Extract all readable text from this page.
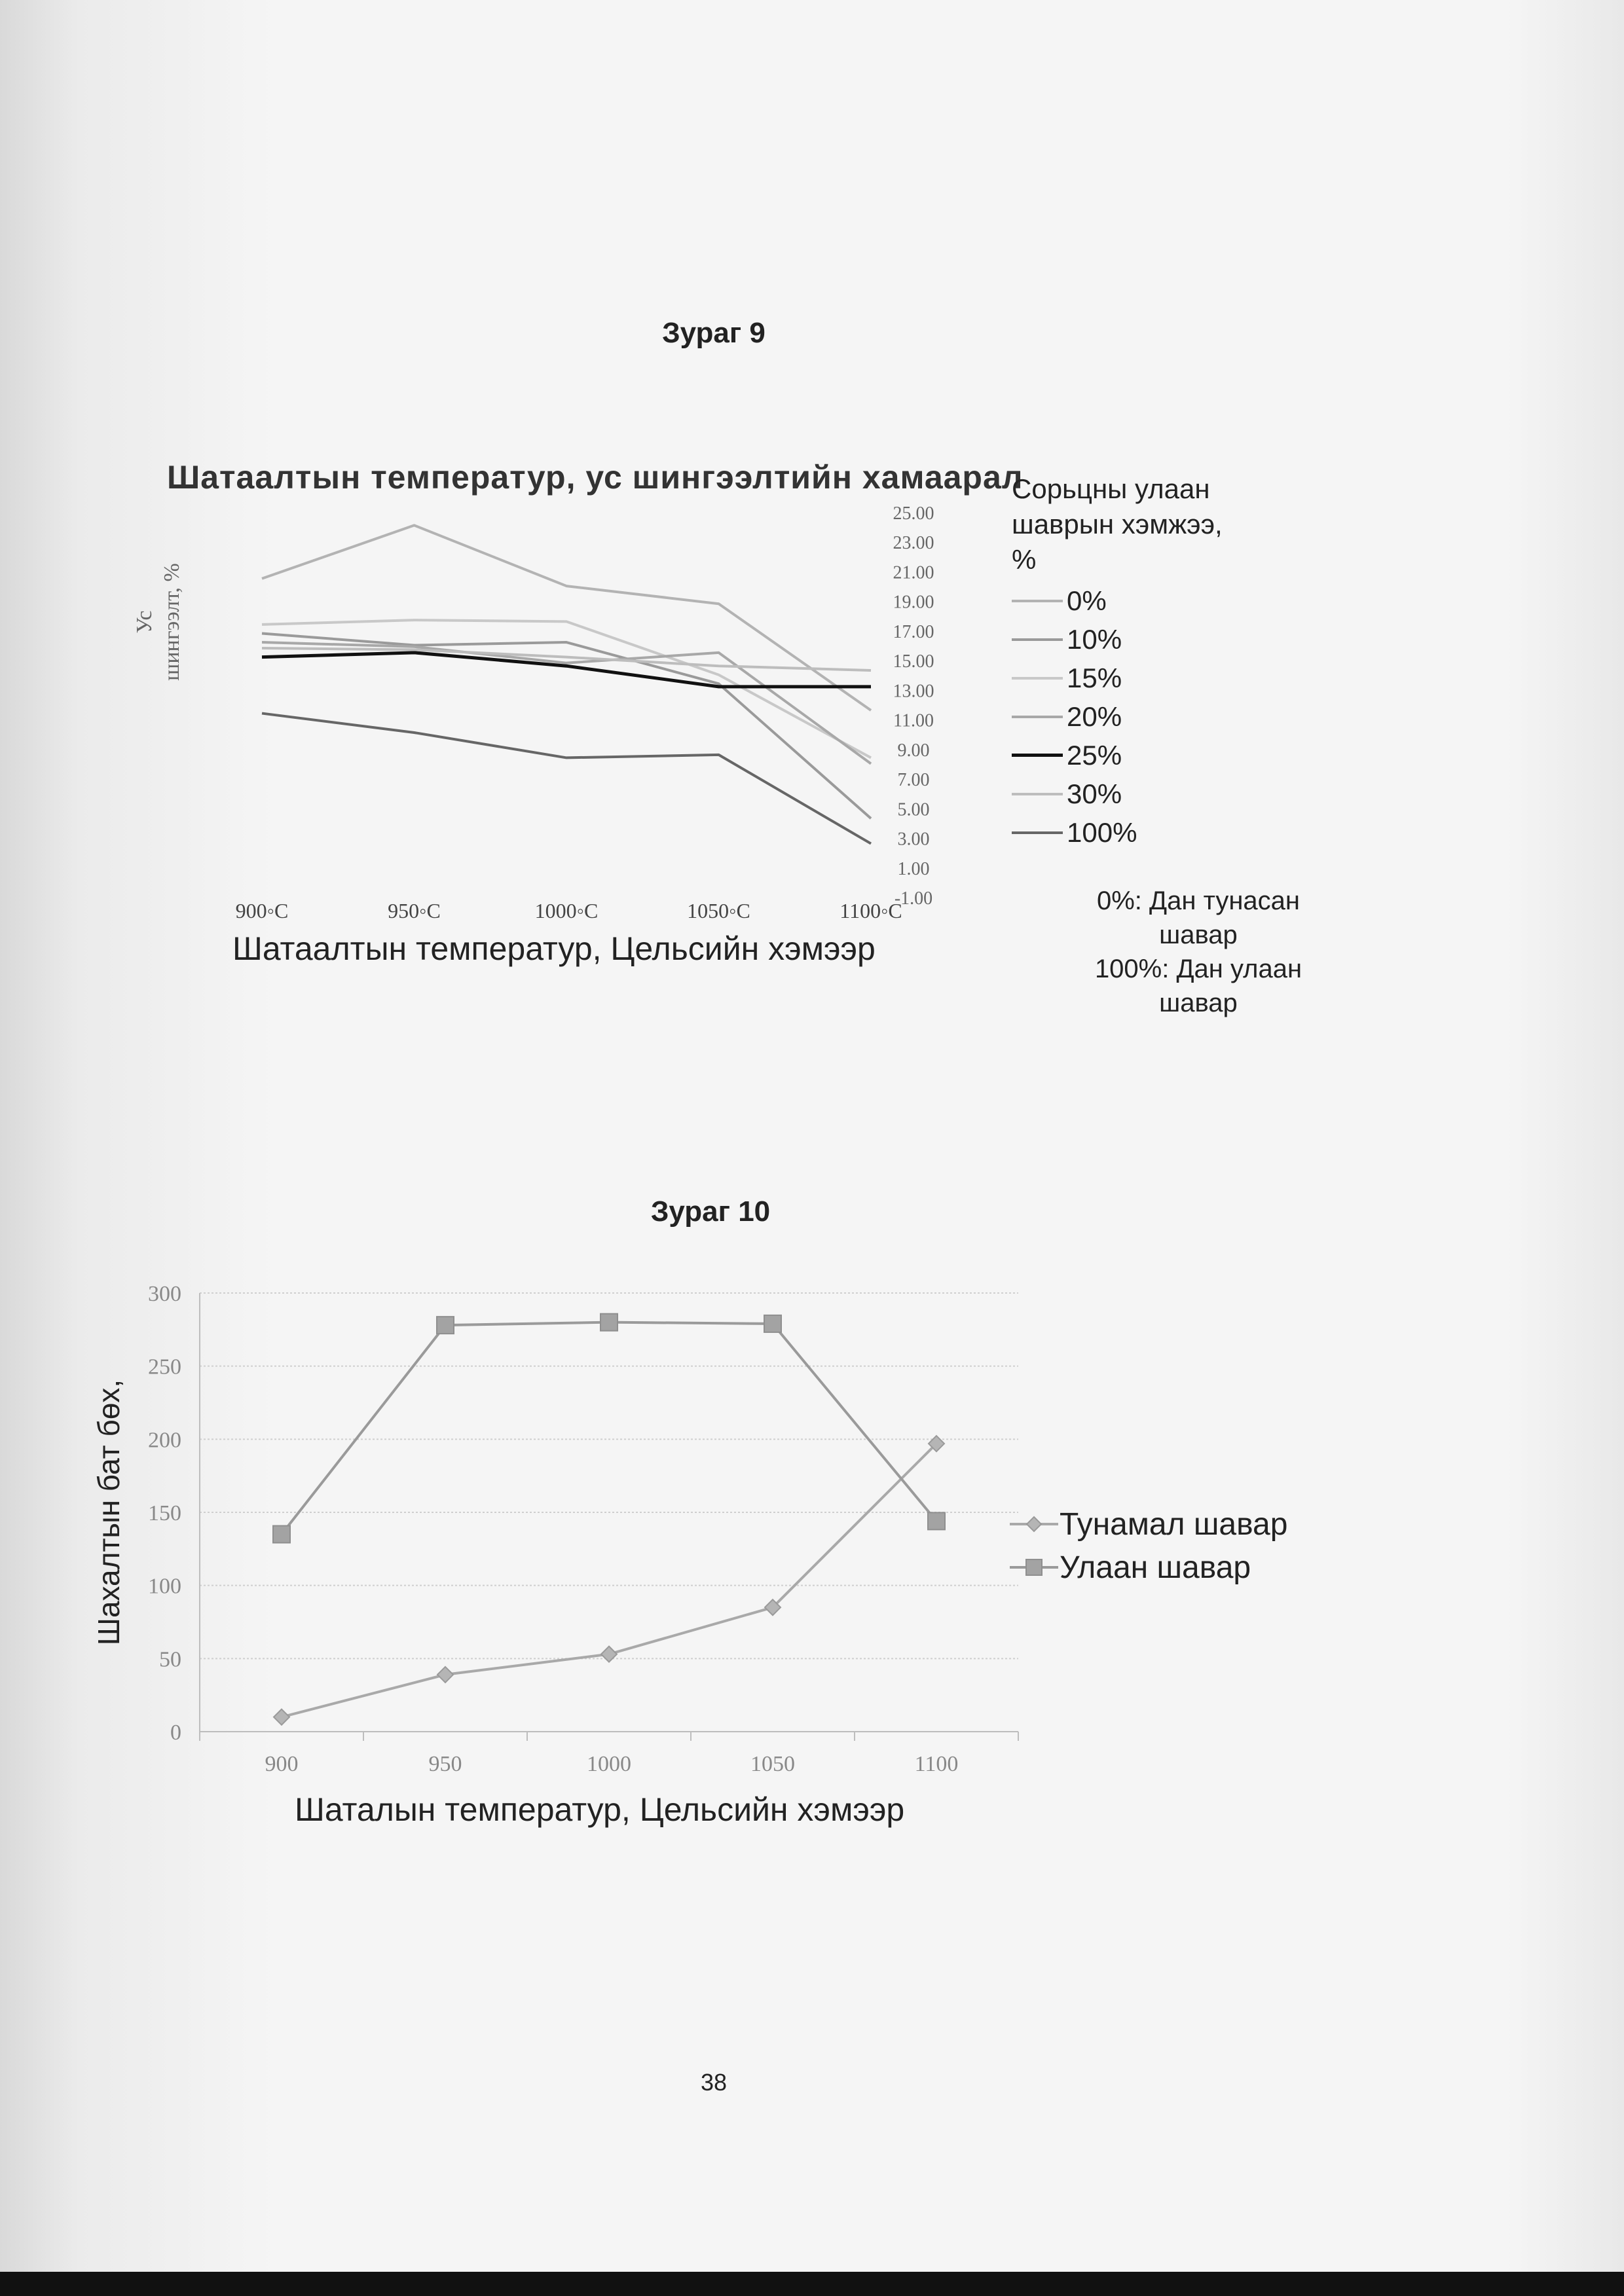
Зураг 9
Шатаалтын температур, ус шингээлтийн хамаарал
Ус шингээлт, %
25.00
23.00
21.00
19.00
17.00
15.00
13.00
11.00
9.00
7.00
5.00
3.00
1.00
-1.00
900◦C	950◦C	1000◦C	1050◦C	1100◦C
Шатаалтын температур, Цельсийн хэмээр
Сорьцны улаан шаврын хэмжээ, %
0%
10%
15%
20%
25%
30%
100%
0%: Дан тунасан
шавар
100%: Дан улаан
шавар
Зураг 10
0
50
100
150
200
250
300
900	950	1000	1050	1100
Шахалтын бат бөх,
Шаталын температур, Цельсийн хэмээр
Тунамал шавар
Улаан шавар
38
